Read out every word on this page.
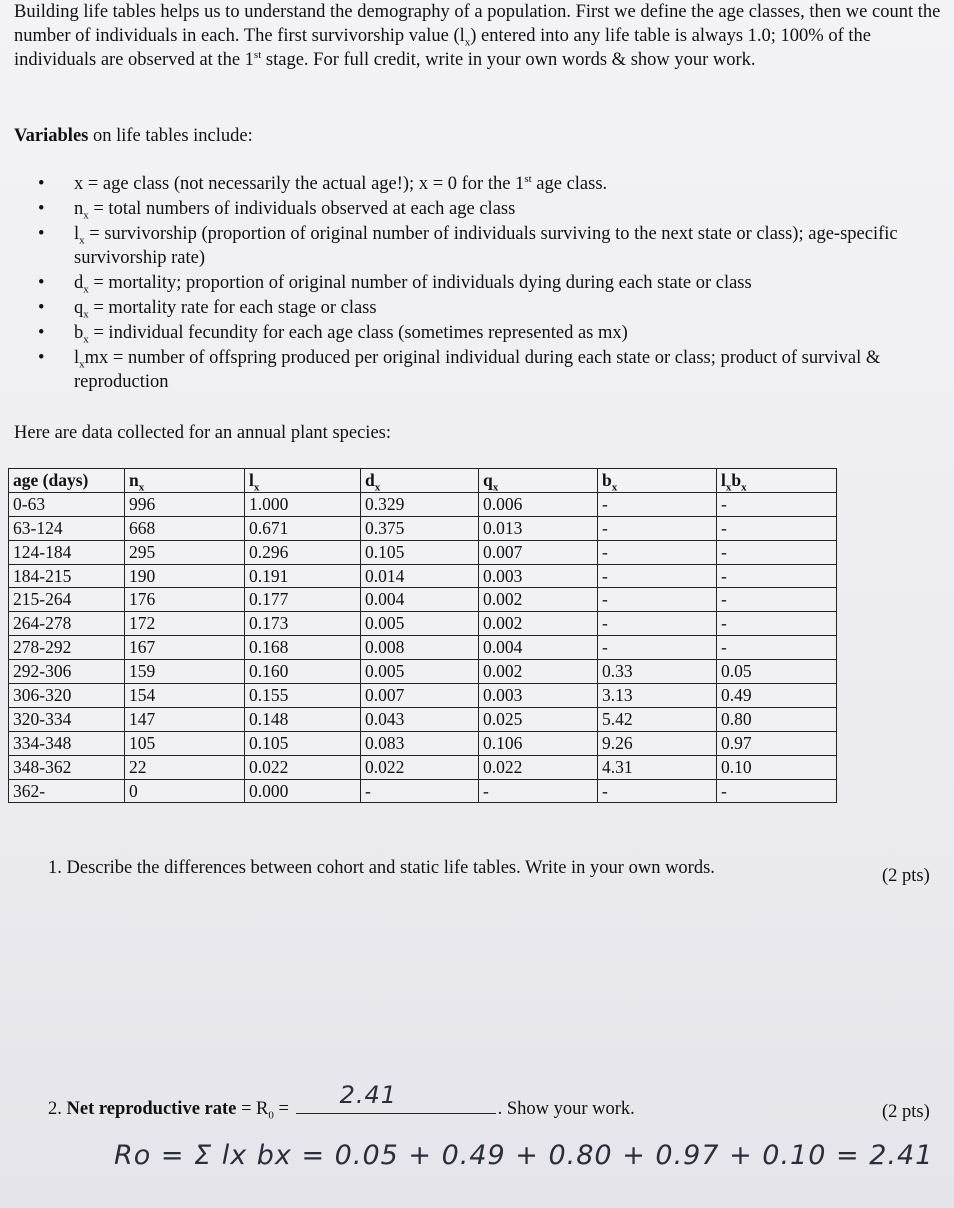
Building life tables helps us to understand the demography of a population. First we define the age classes, then we count the number of individuals in each. The first survivorship value $(l_x)$ entered into any life table is always 1.0; 100% of the individuals are observed at the 1st stage. For full credit, write in your own words & show your work.
Variables on life tables include:
• x = age class (not necessarily the actual age!); x = 0 for the 1st age class.
• $n_x$ = total numbers of individuals observed at each age class
• $l_x$ = survivorship (proportion of original number of individuals surviving to the next state or class); age-specific survivorship rate)
• $d_x$ = mortality; proportion of original number of individuals dying during each state or class
• $q_x$ = mortality rate for each stage or class
• $b_x$ = individual fecundity for each age class (sometimes represented as mx)
• $l_xmx$ = number of offspring produced per original individual during each state or class; product of survival & reproduction
Here are data collected for an annual plant species:
age (days)	$n_x$	$l_x$	$d_x$	$q_x$	$b_x$	$l_xb_x$
0-63	996	1.000	0.329	0.006	-	-
63-124	668	0.671	0.375	0.013	-	-
124-184	295	0.296	0.105	0.007	-	-
184-215	190	0.191	0.014	0.003	-	-
215-264	176	0.177	0.004	0.002	-	-
264-278	172	0.173	0.005	0.002	-	-
278-292	167	0.168	0.008	0.004	-	-
292-306	159	0.160	0.005	0.002	0.33	0.05
306-320	154	0.155	0.007	0.003	3.13	0.49
320-334	147	0.148	0.043	0.025	5.42	0.80
334-348	105	0.105	0.083	0.106	9.26	0.97
348-362	22	0.022	0.022	0.022	4.31	0.10
362-	0	0.000	-	-	-	-
1. Describe the differences between cohort and static life tables. Write in your own words.	(2 pts)
2. Net reproductive rate = $R_0 = 2.41$	. Show your work.	(2 pts)
Ro = Σ lx bx = 0.05 + 0.49 + 0.80 + 0.97 + 0.10 = 2.41
